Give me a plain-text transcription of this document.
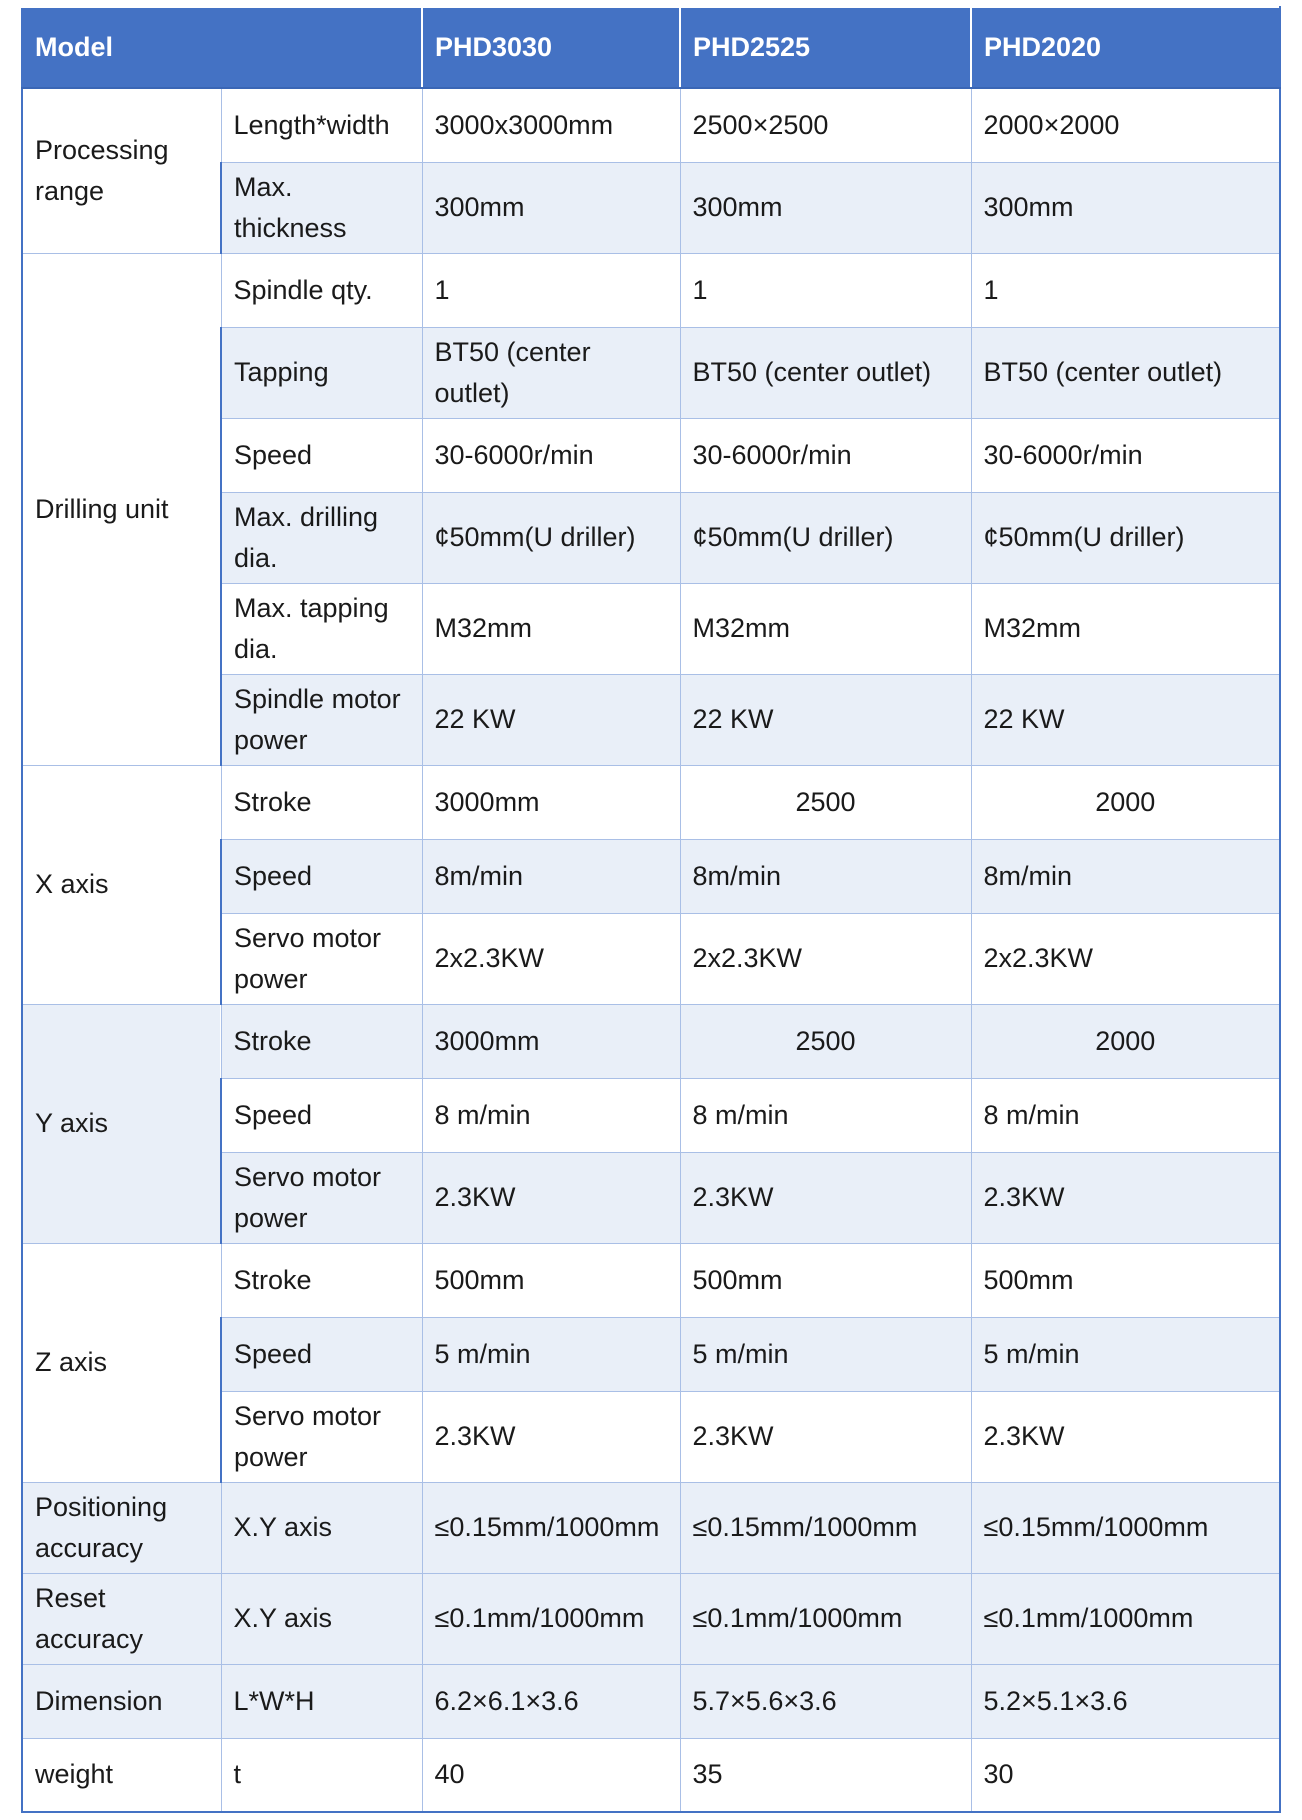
Model		PHD3030	PHD2525	PHD2020
Processing range	Length*width	3000x3000mm	2500×2500	2000×2000
	Max. thickness	300mm	300mm	300mm
Drilling unit	Spindle qty.	1	1	1
	Tapping	BT50 (center outlet)	BT50 (center outlet)	BT50 (center outlet)
	Speed	30-6000r/min	30-6000r/min	30-6000r/min
	Max. drilling dia.	¢50mm(U driller)	¢50mm(U driller)	¢50mm(U driller)
	Max. tapping dia.	M32mm	M32mm	M32mm
	Spindle motor power	22 KW	22 KW	22 KW
X axis	Stroke	3000mm	2500	2000
	Speed	8m/min	8m/min	8m/min
	Servo motor power	2x2.3KW	2x2.3KW	2x2.3KW
Y axis	Stroke	3000mm	2500	2000
	Speed	8 m/min	8 m/min	8 m/min
	Servo motor power	2.3KW	2.3KW	2.3KW
Z axis	Stroke	500mm	500mm	500mm
	Speed	5 m/min	5 m/min	5 m/min
	Servo motor power	2.3KW	2.3KW	2.3KW
Positioning accuracy	X.Y axis	≤0.15mm/1000mm	≤0.15mm/1000mm	≤0.15mm/1000mm
Reset accuracy	X.Y axis	≤0.1mm/1000mm	≤0.1mm/1000mm	≤0.1mm/1000mm
Dimension	L*W*H	6.2×6.1×3.6	5.7×5.6×3.6	5.2×5.1×3.6
weight	t	40	35	30
